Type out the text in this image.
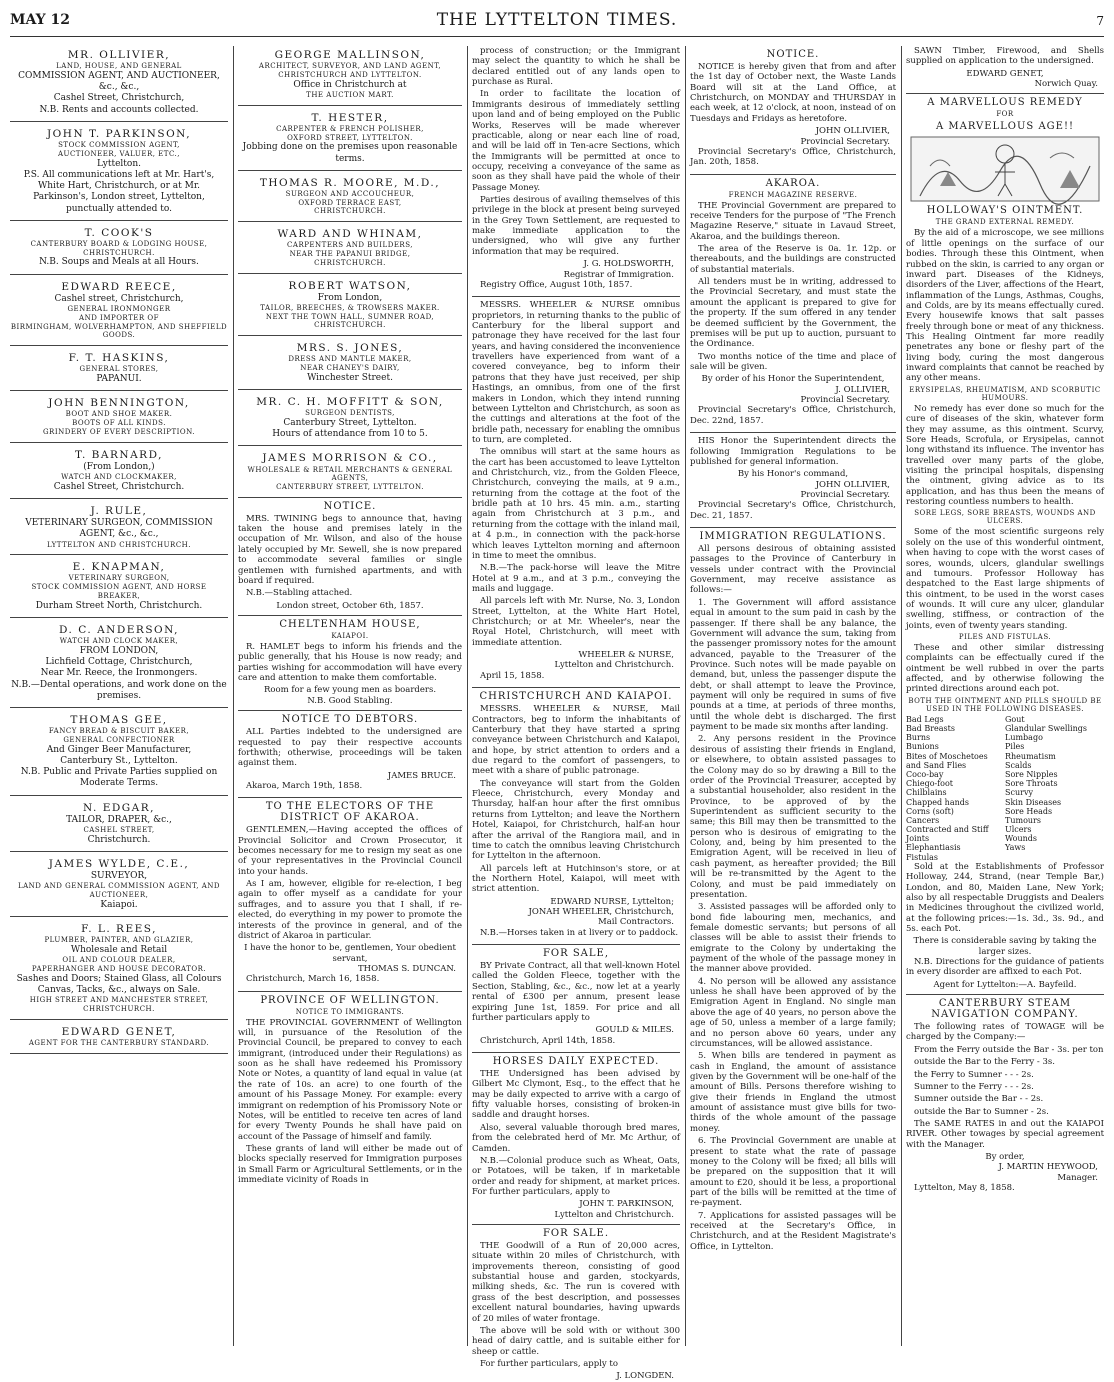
MAY 12	THE LYTTELTON TIMES.	7
MR. OLLIVIER,
LAND, HOUSE, AND GENERAL
COMMISSION AGENT, AND AUCTIONEER, &c., &c.,
Cashel Street, Christchurch,
N.B. Rents and accounts collected.
JOHN T. PARKINSON,
STOCK COMMISSION AGENT,
AUCTIONEER, VALUER, ETC.,
Lyttelton.
P.S. All communications left at Mr. Hart's, White Hart, Christchurch, or at Mr. Parkinson's, London street, Lyttelton, punctually attended to.
T. COOK'S
CANTERBURY BOARD & LODGING HOUSE,
CHRISTCHURCH.
N.B. Soups and Meals at all Hours.
EDWARD REECE,
Cashel street, Christchurch,
GENERAL IRONMONGER
AND IMPORTER OF
BIRMINGHAM, WOLVERHAMPTON, AND SHEFFIELD GOODS.
F. T. HASKINS,
GENERAL STORES,
PAPANUI.
JOHN BENNINGTON,
BOOT AND SHOE MAKER.
BOOTS OF ALL KINDS.
GRINDERY OF EVERY DESCRIPTION.
T. BARNARD,
(From London,)
WATCH AND CLOCKMAKER,
Cashel Street, Christchurch.
J. RULE,
VETERINARY SURGEON, COMMISSION AGENT, &c., &c.,
LYTTELTON AND CHRISTCHURCH.
E. KNAPMAN,
VETERINARY SURGEON,
STOCK COMMISSION AGENT, AND HORSE BREAKER,
Durham Street North, Christchurch.
D. C. ANDERSON,
WATCH AND CLOCK MAKER,
FROM LONDON,
Lichfield Cottage, Christchurch,
Near Mr. Reece, the Ironmongers.
N.B.—Dental operations, and work done on the premises.
THOMAS GEE,
FANCY BREAD & BISCUIT BAKER,
GENERAL CONFECTIONER
And Ginger Beer Manufacturer,
Canterbury St., Lyttelton.
N.B. Public and Private Parties supplied on Moderate Terms.
N. EDGAR,
TAILOR, DRAPER, &c.,
CASHEL STREET,
Christchurch.
JAMES WYLDE, C.E.,
SURVEYOR,
LAND AND GENERAL COMMISSION AGENT, AND AUCTIONEER,
Kaiapoi.
F. L. REES,
PLUMBER, PAINTER, AND GLAZIER,
Wholesale and Retail
OIL AND COLOUR DEALER,
PAPERHANGER AND HOUSE DECORATOR.
Sashes and Doors; Stained Glass, all Colours Canvas, Tacks, &c., always on Sale.
HIGH STREET AND MANCHESTER STREET, CHRISTCHURCH.
EDWARD GENET,
AGENT FOR THE CANTERBURY STANDARD.
GEORGE MALLINSON,
ARCHITECT, SURVEYOR, AND LAND AGENT,
CHRISTCHURCH AND LYTTELTON.
Office in Christchurch at
THE AUCTION MART.
T. HESTER,
CARPENTER & FRENCH POLISHER,
OXFORD STREET, LYTTELTON.
Jobbing done on the premises upon reasonable terms.
THOMAS R. MOORE, M.D.,
SURGEON AND ACCOUCHEUR,
OXFORD TERRACE EAST,
CHRISTCHURCH.
WARD AND WHINAM,
CARPENTERS AND BUILDERS,
NEAR THE PAPANUI BRIDGE,
CHRISTCHURCH.
ROBERT WATSON,
From London,
TAILOR, BREECHES, & TROWSERS MAKER.
NEXT THE TOWN HALL, SUMNER ROAD, CHRISTCHURCH.
MRS. S. JONES,
DRESS AND MANTLE MAKER,
NEAR CHANEY'S DAIRY,
Winchester Street.
MR. C. H. MOFFITT & SON,
SURGEON DENTISTS,
Canterbury Street, Lyttelton.
Hours of attendance from 10 to 5.
JAMES MORRISON & CO.,
WHOLESALE & RETAIL MERCHANTS & GENERAL AGENTS,
CANTERBURY STREET, LYTTELTON.
NOTICE.

MRS. TWINING begs to announce that, having taken the house and premises lately in the occupation of Mr. Wilson, and also of the house lately occupied by Mr. Sewell, she is now prepared to accommodate several families or single gentlemen with furnished apartments, and with board if required.

N.B.—Stabling attached.
London street, October 6th, 1857.
CHELTENHAM HOUSE,
KAIAPOI.

R. HAMLET begs to inform his friends and the public generally, that his House is now ready; and parties wishing for accommodation will have every care and attention to make them comfortable.

Room for a few young men as boarders.
N.B. Good Stabling.
NOTICE TO DEBTORS.

ALL Parties indebted to the undersigned are requested to pay their respective accounts forthwith; otherwise, proceedings will be taken against them.

JAMES BRUCE.
Akaroa, March 19th, 1858.
TO THE ELECTORS OF THE DISTRICT OF AKAROA.

GENTLEMEN,—Having accepted the offices of Provincial Solicitor and Crown Prosecutor, it becomes necessary for me to resign my seat as one of your representatives in the Provincial Council into your hands.

As I am, however, eligible for re-election, I beg again to offer myself as a candidate for your suffrages, and to assure you that I shall, if re-elected, do everything in my power to promote the interests of the province in general, and of the district of Akaroa in particular.

I have the honor to be, gentlemen, Your obedient servant,
THOMAS S. DUNCAN.
Christchurch, March 16, 1858.
PROVINCE OF WELLINGTON.
NOTICE TO IMMIGRANTS.

THE PROVINCIAL GOVERNMENT of Wellington will, in pursuance of the Resolution of the Provincial Council, be prepared to convey to each immigrant, (introduced under their Regulations) as soon as he shall have redeemed his Promissory Note or Notes, a quantity of land equal in value (at the rate of 10s. an acre) to one fourth of the amount of his Passage Money. For example: every immigrant on redemption of his Promissory Note or Notes, will be entitled to receive ten acres of land for every Twenty Pounds he shall have paid on account of the Passage of himself and family.

These grants of land will either be made out of blocks specially reserved for Immigration purposes in Small Farm or Agricultural Settlements, or in the immediate vicinity of Roads in

process of construction; or the Immigrant may select the quantity to which he shall be declared entitled out of any lands open to purchase as Rural.

In order to facilitate the location of Immigrants desirous of immediately settling upon land and of being employed on the Public Works, Reserves will be made wherever practicable, along or near each line of road, and will be laid off in Ten-acre Sections, which the Immigrants will be permitted at once to occupy, receiving a conveyance of the same as soon as they shall have paid the whole of their Passage Money.

Parties desirous of availing themselves of this privilege in the block at present being surveyed in the Grey Town Settlement, are requested to make immediate application to the undersigned, who will give any further information that may be required.

J. G. HOLDSWORTH,
Registrar of Immigration.
Registry Office, August 10th, 1857.

MESSRS. WHEELER & NURSE omnibus proprietors, in returning thanks to the public of Canterbury for the liberal support and patronage they have received for the last four years, and having considered the inconvenience travellers have experienced from want of a covered conveyance, beg to inform their patrons that they have just received, per ship Hastings, an omnibus, from one of the first makers in London, which they intend running between Lyttelton and Christchurch, as soon as the cuttings and alterations at the foot of the bridle path, necessary for enabling the omnibus to turn, are completed.

The omnibus will start at the same hours as the cart has been accustomed to leave Lyttelton and Christchurch, viz., from the Golden Fleece, Christchurch, conveying the mails, at 9 a.m., returning from the cottage at the foot of the bridle path at 10 hrs. 45 min. a.m., starting again from Christchurch at 3 p.m., and returning from the cottage with the inland mail, at 4 p.m., in connection with the pack-horse which leaves Lyttelton morning and afternoon in time to meet the omnibus.

N.B.—The pack-horse will leave the Mitre Hotel at 9 a.m., and at 3 p.m., conveying the mails and luggage.

All parcels left with Mr. Nurse, No. 3, London Street, Lyttelton, at the White Hart Hotel, Christchurch; or at Mr. Wheeler's, near the Royal Hotel, Christchurch, will meet with immediate attention.

WHEELER & NURSE,
Lyttelton and Christchurch.
April 15, 1858.
CHRISTCHURCH AND KAIAPOI.

MESSRS. WHEELER & NURSE, Mail Contractors, beg to inform the inhabitants of Canterbury that they have started a spring conveyance between Christchurch and Kaiapoi, and hope, by strict attention to orders and a due regard to the comfort of passengers, to meet with a share of public patronage.

The conveyance will start from the Golden Fleece, Christchurch, every Monday and Thursday, half-an hour after the first omnibus returns from Lyttelton; and leave the Northern Hotel, Kaiapoi, for Christchurch, half-an hour after the arrival of the Rangiora mail, and in time to catch the omnibus leaving Christchurch for Lyttelton in the afternoon.

All parcels left at Hutchinson's store, or at the Northern Hotel, Kaiapoi, will meet with strict attention.

EDWARD NURSE, Lyttelton;
JONAH WHEELER, Christchurch,
Mail Contractors.
N.B.—Horses taken in at livery or to paddock.
FOR SALE,

BY Private Contract, all that well-known Hotel called the Golden Fleece, together with the Section, Stabling, &c., &c., now let at a yearly rental of £300 per annum, present lease expiring June 1st, 1859. For price and all further particulars apply to

GOULD & MILES.
Christchurch, April 14th, 1858.
HORSES DAILY EXPECTED.

THE Undersigned has been advised by Gilbert Mc Clymont, Esq., to the effect that he may be daily expected to arrive with a cargo of fifty valuable horses, consisting of broken-in saddle and draught horses.

Also, several valuable thorough bred mares, from the celebrated herd of Mr. Mc Arthur, of Camden.

N.B.—Colonial produce such as Wheat, Oats, or Potatoes, will be taken, if in marketable order and ready for shipment, at market prices. For further particulars, apply to

JOHN T. PARKINSON,
Lyttelton and Christchurch.
FOR SALE.

THE Goodwill of a Run of 20,000 acres, situate within 20 miles of Christchurch, with improvements thereon, consisting of good substantial house and garden, stockyards, milking sheds, &c. The run is covered with grass of the best description, and possesses excellent natural boundaries, having upwards of 20 miles of water frontage.

The above will be sold with or without 300 head of dairy cattle, and is suitable either for sheep or cattle.

For further particulars, apply to

J. LONGDEN.
NOTICE.

NOTICE is hereby given that from and after the 1st day of October next, the Waste Lands Board will sit at the Land Office, at Christchurch, on MONDAY and THURSDAY in each week, at 12 o'clock, at noon, instead of on Tuesdays and Fridays as heretofore.

JOHN OLLIVIER,
Provincial Secretary.
Provincial Secretary's Office, Christchurch, Jan. 20th, 1858.
AKAROA.
FRENCH MAGAZINE RESERVE.

THE Provincial Government are prepared to receive Tenders for the purpose of "The French Magazine Reserve," situate in Lavaud Street, Akaroa, and the buildings thereon.

The area of the Reserve is 0a. 1r. 12p. or thereabouts, and the buildings are constructed of substantial materials.

All tenders must be in writing, addressed to the Provincial Secretary, and must state the amount the applicant is prepared to give for the property. If the sum offered in any tender be deemed sufficient by the Government, the premises will be put up to auction, pursuant to the Ordinance.

Two months notice of the time and place of sale will be given.

By order of his Honor the Superintendent,
J. OLLIVIER,
Provincial Secretary.
Provincial Secretary's Office, Christchurch, Dec. 22nd, 1857.

HIS Honor the Superintendent directs the following Immigration Regulations to be published for general information.

By his Honor's command,
JOHN OLLIVIER,
Provincial Secretary.
Provincial Secretary's Office, Christchurch, Dec. 21, 1857.
IMMIGRATION REGULATIONS.

All persons desirous of obtaining assisted passages to the Province of Canterbury in vessels under contract with the Provincial Government, may receive assistance as follows:—

1. The Government will afford assistance equal in amount to the sum paid in cash by the passenger. If there shall be any balance, the Government will advance the sum, taking from the passenger promissory notes for the amount advanced, payable to the Treasurer of the Province. Such notes will be made payable on demand, but, unless the passenger dispute the debt, or shall attempt to leave the Province, payment will only be required in sums of five pounds at a time, at periods of three months, until the whole debt is discharged. The first payment to be made six months after landing.

2. Any persons resident in the Province desirous of assisting their friends in England, or elsewhere, to obtain assisted passages to the Colony may do so by drawing a Bill to the order of the Provincial Treasurer, accepted by a substantial householder, also resident in the Province, to be approved of by the Superintendent as sufficient security to the same; this Bill may then be transmitted to the person who is desirous of emigrating to the Colony, and, being by him presented to the Emigration Agent, will be received in lieu of cash payment, as hereafter provided; the Bill will be re-transmitted by the Agent to the Colony, and must be paid immediately on presentation.

3. Assisted passages will be afforded only to bond fide labouring men, mechanics, and female domestic servants; but persons of all classes will be able to assist their friends to emigrate to the Colony by undertaking the payment of the whole of the passage money in the manner above provided.

4. No person will be allowed any assistance unless he shall have been approved of by the Emigration Agent in England. No single man above the age of 40 years, no person above the age of 50, unless a member of a large family; and no person above 60 years, under any circumstances, will be allowed assistance.

5. When bills are tendered in payment as cash in England, the amount of assistance given by the Government will be one-half of the amount of Bills. Persons therefore wishing to give their friends in England the utmost amount of assistance must give bills for two-thirds of the whole amount of the passage money.

6. The Provincial Government are unable at present to state what the rate of passage money to the Colony will be fixed; all bills will be prepared on the supposition that it will amount to £20, should it be less, a proportional part of the bills will be remitted at the time of re-payment.

7. Applications for assisted passages will be received at the Secretary's Office, in Christchurch, and at the Resident Magistrate's Office, in Lyttelton.

SAWN Timber, Firewood, and Shells supplied on application to the undersigned.

EDWARD GENET,
Norwich Quay.
A MARVELLOUS REMEDY
FOR
A MARVELLOUS AGE!!
HOLLOWAY'S OINTMENT.
THE GRAND EXTERNAL REMEDY.

By the aid of a microscope, we see millions of little openings on the surface of our bodies. Through these this Ointment, when rubbed on the skin, is carried to any organ or inward part. Diseases of the Kidneys, disorders of the Liver, affections of the Heart, inflammation of the Lungs, Asthmas, Coughs, and Colds, are by its means effectually cured. Every housewife knows that salt passes freely through bone or meat of any thickness. This Healing Ointment far more readily penetrates any bone or fleshy part of the living body, curing the most dangerous inward complaints that cannot be reached by any other means.

ERYSIPELAS, RHEUMATISM, AND SCORBUTIC HUMOURS.

No remedy has ever done so much for the cure of diseases of the skin, whatever form they may assume, as this ointment. Scurvy, Sore Heads, Scrofula, or Erysipelas, cannot long withstand its influence. The inventor has travelled over many parts of the globe, visiting the principal hospitals, dispensing the ointment, giving advice as to its application, and has thus been the means of restoring countless numbers to health.

SORE LEGS, SORE BREASTS, WOUNDS AND ULCERS.

Some of the most scientific surgeons rely solely on the use of this wonderful ointment, when having to cope with the worst cases of sores, wounds, ulcers, glandular swellings and tumours. Professor Holloway has despatched to the East large shipments of this ointment, to be used in the worst cases of wounds. It will cure any ulcer, glandular swelling, stiffness, or contraction of the joints, even of twenty years standing.

PILES AND FISTULAS.

These and other similar distressing complaints can be effectually cured if the ointment be well rubbed in over the parts affected, and by otherwise following the printed directions around each pot.

BOTH THE OINTMENT AND PILLS SHOULD BE USED IN THE FOLLOWING DISEASES.
Bad Legs
Bad Breasts
Burns
Bunions
Bites of Moschetoes and Sand Flies
Coco-bay
Chiego-foot
Chilblains
Chapped hands
Corns (soft)
Cancers
Contracted and Stiff Joints
Elephantiasis
Fistulas
Gout
Glandular Swellings
Lumbago
Piles
Rheumatism
Scalds
Sore Nipples
Sore Throats
Scurvy
Skin Diseases
Sore Heads
Tumours
Ulcers
Wounds
Yaws

Sold at the Establishments of Professor Holloway, 244, Strand, (near Temple Bar,) London, and 80, Maiden Lane, New York; also by all respectable Druggists and Dealers in Medicines throughout the civilized world, at the following prices:—1s. 3d., 3s. 9d., and 5s. each Pot.

There is considerable saving by taking the larger sizes.

N.B. Directions for the guidance of patients in every disorder are affixed to each Pot.

Agent for Lyttelton:—A. Bayfeild.
CANTERBURY STEAM NAVIGATION COMPANY.

The following rates of TOWAGE will be charged by the Company:—

From the Ferry outside the Bar - 3s. per ton
outside the Bar to the Ferry - 3s.
the Ferry to Sumner - - - 2s.
Sumner to the Ferry - - - 2s.
Sumner outside the Bar - - 2s.
outside the Bar to Sumner - 2s.

The SAME RATES in and out the KAIAPOI RIVER. Other towages by special agreement with the Manager.

By order,
J. MARTIN HEYWOOD,
Manager.
Lyttelton, May 8, 1858.
